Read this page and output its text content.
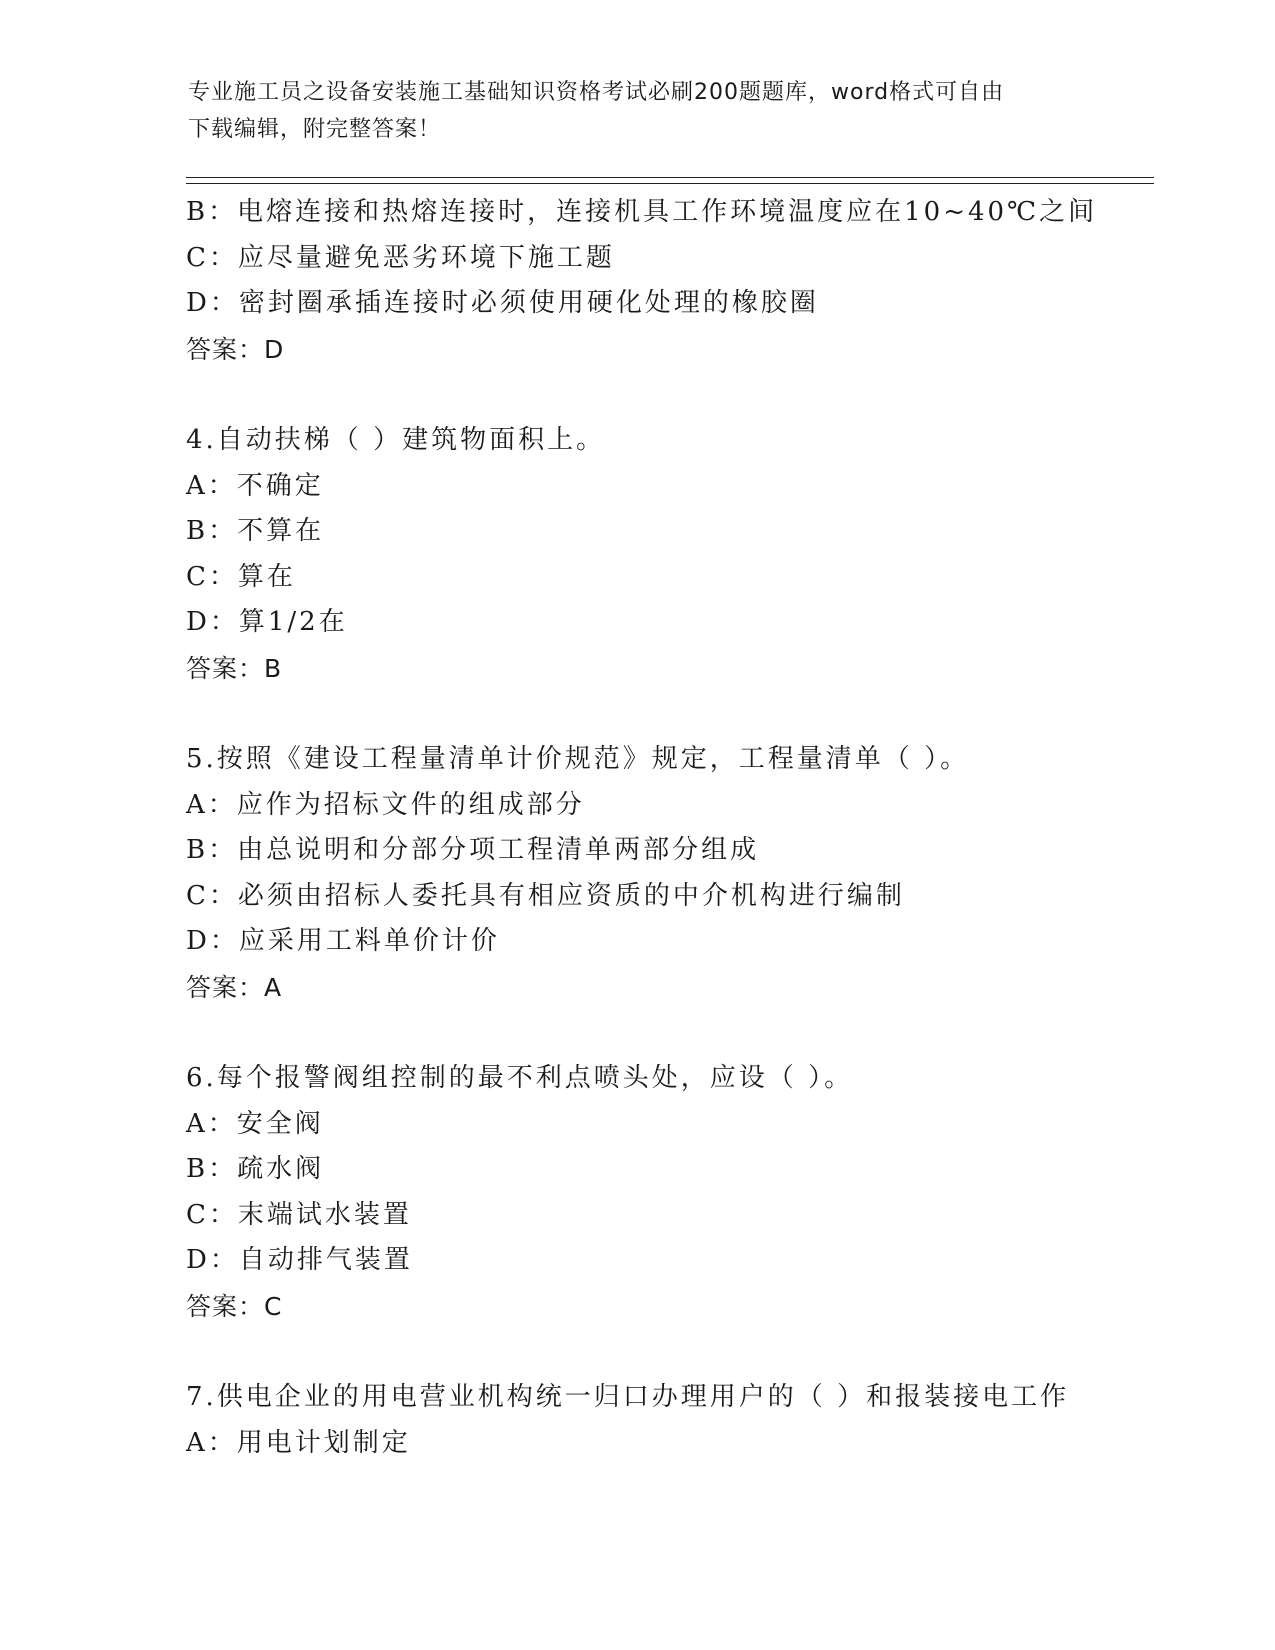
专业施工员之设备安装施工基础知识资格考试必刷200题题库，word格式可自由
下载编辑，附完整答案！
B：电熔连接和热熔连接时，连接机具工作环境温度应在10~40℃之间
C：应尽量避免恶劣环境下施工题
D：密封圈承插连接时必须使用硬化处理的橡胶圈
答案：D
4.自动扶梯（ ）建筑物面积上。
A：不确定
B：不算在
C：算在
D：算1/2在
答案：B
5.按照《建设工程量清单计价规范》规定，工程量清单（ ）。
A：应作为招标文件的组成部分
B：由总说明和分部分项工程清单两部分组成
C：必须由招标人委托具有相应资质的中介机构进行编制
D：应采用工料单价计价
答案：A
6.每个报警阀组控制的最不利点喷头处，应设（ ）。
A：安全阀
B：疏水阀
C：末端试水装置
D：自动排气装置
答案：C
7.供电企业的用电营业机构统一归口办理用户的（ ）和报装接电工作
A：用电计划制定
